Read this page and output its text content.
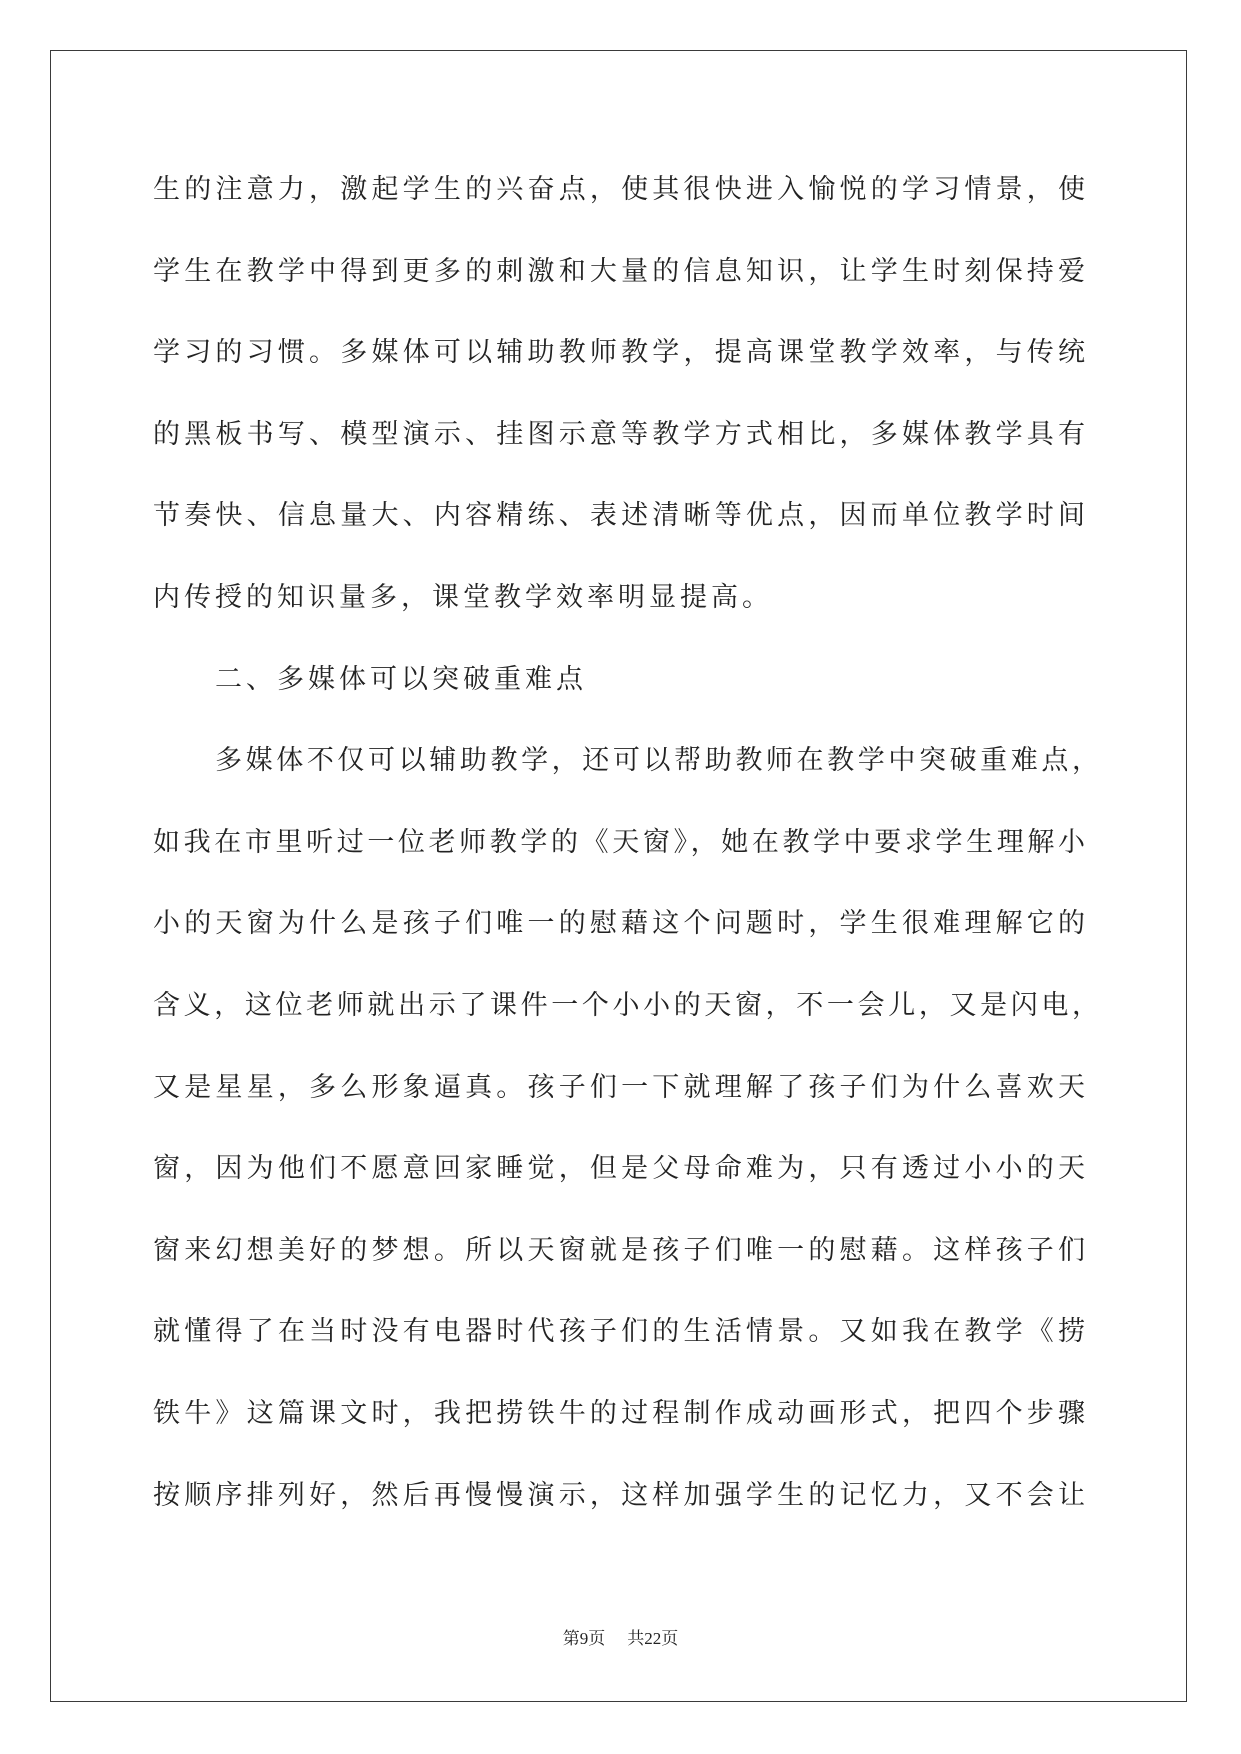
生的注意力，激起学生的兴奋点，使其很快进入愉悦的学习情景，使
学生在教学中得到更多的刺激和大量的信息知识，让学生时刻保持爱
学习的习惯。多媒体可以辅助教师教学，提高课堂教学效率，与传统
的黑板书写、模型演示、挂图示意等教学方式相比，多媒体教学具有
节奏快、信息量大、内容精练、表述清晰等优点，因而单位教学时间
内传授的知识量多，课堂教学效率明显提高。
二、多媒体可以突破重难点
多媒体不仅可以辅助教学，还可以帮助教师在教学中突破重难点，
如我在市里听过一位老师教学的《天窗》，她在教学中要求学生理解小
小的天窗为什么是孩子们唯一的慰藉这个问题时，学生很难理解它的
含义，这位老师就出示了课件一个小小的天窗，不一会儿，又是闪电，
又是星星，多么形象逼真。孩子们一下就理解了孩子们为什么喜欢天
窗，因为他们不愿意回家睡觉，但是父母命难为，只有透过小小的天
窗来幻想美好的梦想。所以天窗就是孩子们唯一的慰藉。这样孩子们
就懂得了在当时没有电器时代孩子们的生活情景。又如我在教学《捞
铁牛》这篇课文时，我把捞铁牛的过程制作成动画形式，把四个步骤
按顺序排列好，然后再慢慢演示，这样加强学生的记忆力，又不会让
第9页 共22页
